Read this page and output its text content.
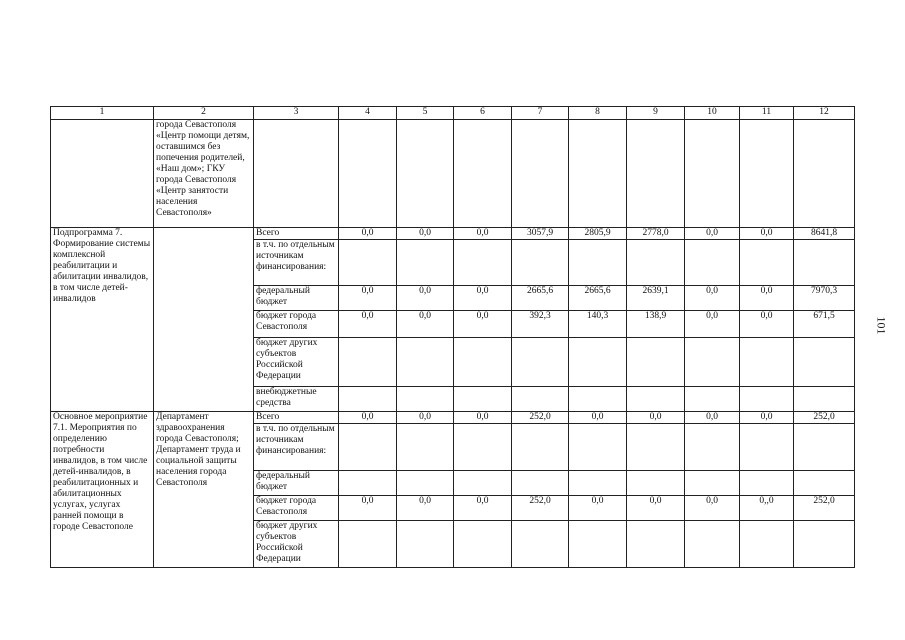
1	2	3	4	5	6	7	8	9	10	11	12
	города Севастополя «Центр помощи детям, оставшимся без попечения родителей, «Наш дом»; ГКУ города Севастополя «Центр занятости населения Севастополя»										
Подпрограмма 7. Формирование системы комплексной реабилитации и абилитации инвалидов, в том числе детей-инвалидов		Всего	0,0	0,0	0,0	3057,9	2805,9	2778,0	0,0	0,0	8641,8
		в т.ч. по отдельным источникам финансирования:									
		федеральный бюджет	0,0	0,0	0,0	2665,6	2665,6	2639,1	0,0	0,0	7970,3
		бюджет города Севастополя	0,0	0,0	0,0	392,3	140,3	138,9	0,0	0,0	671,5
		бюджет других субъектов Российской Федерации									
		внебюджетные средства									
Основное мероприятие 7.1. Мероприятия по определению потребности инвалидов, в том числе детей-инвалидов, в реабилитационных и абилитационных услугах, услугах ранней помощи в городе Севастополе	Департамент здравоохранения города Севастополя; Департамент труда и социальной защиты населения города Севастополя	Всего	0,0	0,0	0,0	252,0	0,0	0,0	0,0	0,0	252,0
		в т.ч. по отдельным источникам финансирования:									
		федеральный бюджет									
		бюджет города Севастополя	0,0	0,0	0,0	252,0	0,0	0,0	0,0	0,,0	252,0
		бюджет других субъектов Российской Федерации									
101
